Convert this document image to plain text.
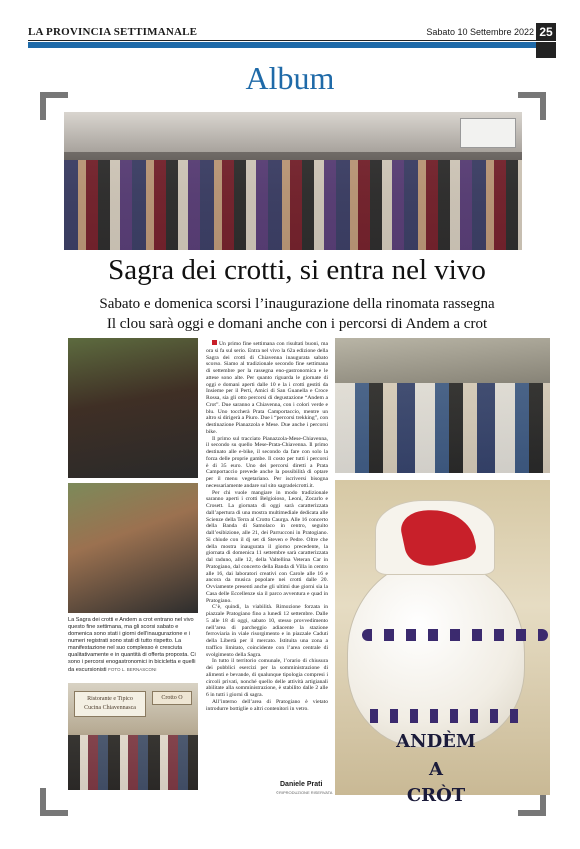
LA PROVINCIA SETTIMANALE	Sabato 10 Settembre 2022 25
Album
Sagra dei crotti, si entra nel vivo
Sabato e domenica scorsi l’inaugurazione della rinomata rassegna
Il clou sarà oggi e domani anche con i percorsi di Andem a crot
La Sagra dei crotti e Andem a crot entrano nel vivo questo fine settimana, ma gli scorsi sabato e domenica sono stati i giorni dell’inaugurazione e i numeri registrati sono stati di tutto rispetto. La manifestazione nel suo complesso è cresciuta qualitativamente e in quantità di offerta proposta. Ci sono i percorsi enogastronomici in bicicletta e quelli da escursionisti FOTO L. BERNASCONI
Ristorante e Tipico
Cucina Chiavennasca
Crotto O

Un primo fine settimana con risultati buoni, ma ora si fa sul serio. Entra nel vivo la 62a edizione della Sagra dei crotti di Chiavenna inaugurata sabato scorso. Siamo al tradizionale secondo fine settimana di settembre per la rassegna eno-gastronomica e le attese sono alte. Per quanto riguarda le giornate di oggi e domani aperti dalle 10 e la i crotti gestiti da Insieme per il Perti, Amici di San Guanella e Croce Rossa, sia gli otto percorsi di degustazione “Andem a Crot”. Due saranno a Chiavenna, con i colori verde e blu. Uno toccherà Prata Camportaccio, mentre un altro si dirigerà a Piuro. Due i “percorsi trekking”, con destinazione Pianazzola e Mese. Due anche i percorsi bike.

Il primo sul tracciato Pianazzola-Mese-Chiavenna, il secondo su quello Mese-Prata-Chiavenna. Il primo destinato alle e-bike, il secondo da fare con solo la forza delle proprie gambe. Il costo per tutti i percorsi è di 35 euro. Uno dei percorsi diretti a Prata Camportaccio prevede anche la possibilità di optare per il menu vegetariano. Per iscriversi bisogna necessariamente andare sul sito sagradeicrotti.it.

Per chi vuole mangiare in modo tradizionale saranno aperti i crotti Belgioioso, Leoni, Zocarlo e Crosett. La giornata di oggi sarà caratterizzata dall’apertura di una mostra multimediale dedicata alle Scienze della Terra al Crotto Caurga. Alle 16 concerto della Banda di Samolaco in centro, seguito dall’esibizione, alle 21, dei Parrucconi in Pratogiano. Si chiude con il dj set di Steven e Pedre. Oltre che della mostra inaugurata il giorno precedente, la giornata di domenica 11 settembre sarà caratterizzata dal raduno, alle 12, della Valtellina Veteran Car in Pratogiano, dal concerto della Banda di Villa in centro alle 16, dai laboratori creativi con Carole alle 16 e ancora da musica popolare nei crotti dalle 20. Ovviamente presenti anche gli ultimi due giorni sia la Casa delle Eccellenze sia il parco avventura e quad in Pratogiano.

C’è, quindi, la viabilità. Rimozione forzata in piazzale Pratogiano fino a lunedì 12 settembre. Dalle 5 alle 18 di oggi, sabato 10, stesso provvedimento nell’area di parcheggio adiacente la stazione ferroviaria in viale risorgimento e in piazzale Caduti della Libertà per il mercato. Istituita una zona a traffico limitato, coincidente con l’area centrale di svolgimento della Sagra.

In tutto il territorio comunale, l’orario di chiusura dei pubblici esercizi per la somministrazione di alimenti e bevande, di qualunque tipologia compresi i circoli privati, nonché quello delle attività artigianali abilitate alla somministrazione, è stabilito dalle 2 alle 6 in tutti i giorni di sagra.

All’interno dell’area di Pratogiano è vietato introdurre bottiglie o altri contenitori in vetro.

Daniele Prati
©RIPRODUZIONE RISERVATA
ANDÈM
A
CRÒT
